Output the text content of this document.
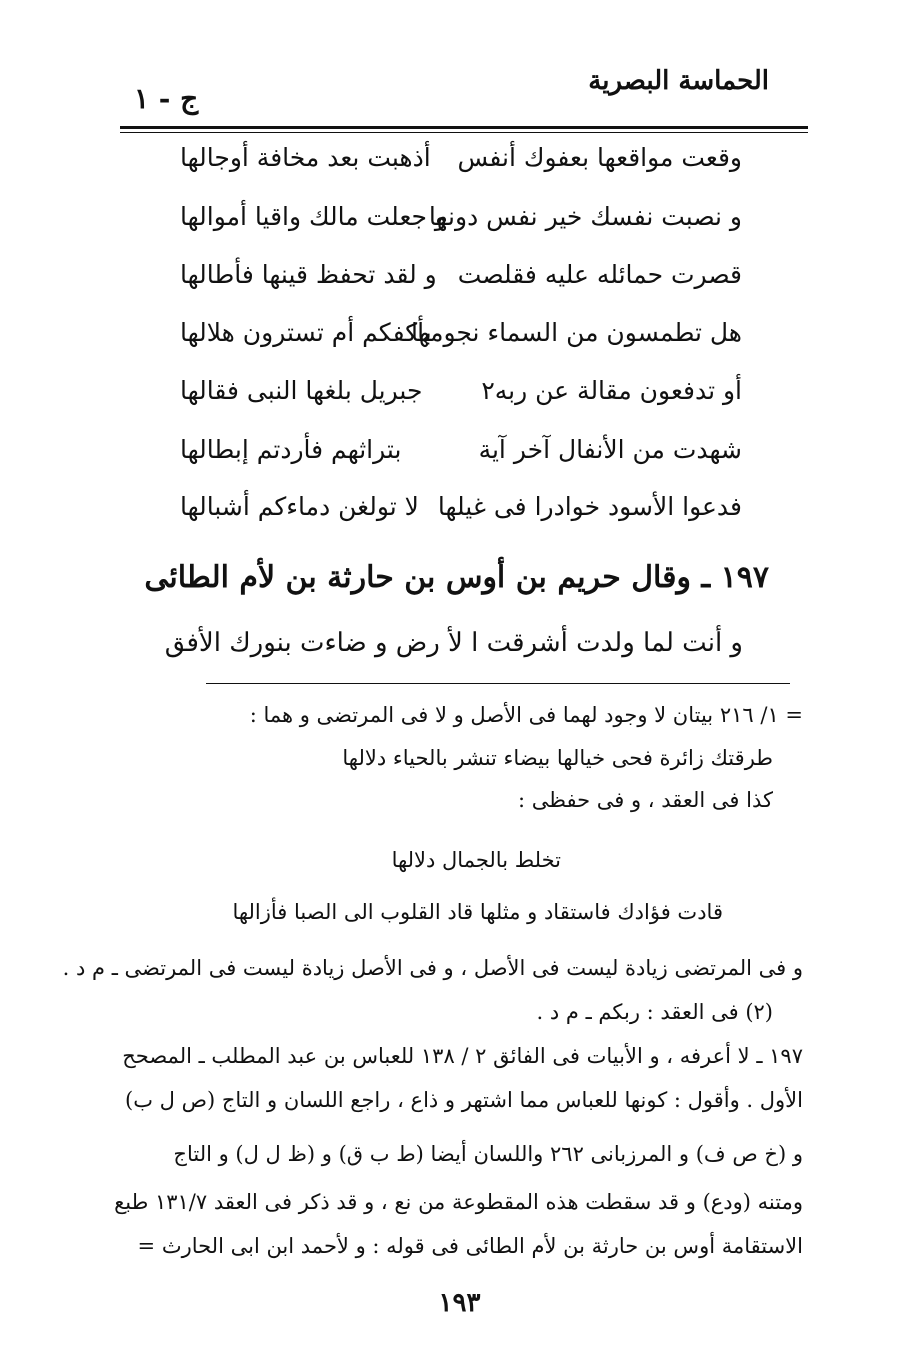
الحماسة البصرية
ج - ١
وقعت مواقعها بعفوك أنفس
أذهبت بعد مخافة أوجالها
و نصبت نفسك خير نفس دونها
و جعلت مالك واقيا أموالها
قصرت حمائله عليه فقلصت
و لقد تحفظ قينها فأطالها
هل تطمسون من السماء نجومها
بأكفكم أم تسترون هلالها
أو تدفعون مقالة عن ربه٢
جبريل بلغها النبى فقالها
شهدت من الأنفال آخر آية
بتراثهم فأردتم إبطالها
فدعوا الأسود خوادرا فى غيلها
لا تولغن دماءكم أشبالها
١٩٧ ـ وقال حريم بن أوس بن حارثة بن لأم الطائى
و أنت لما ولدت أشرقت ا لأ رض و ضاءت بنورك الأفق
= ١/ ٢١٦ بيتان لا وجود لهما فى الأصل و لا فى المرتضى و هما :
طرقتك زائرة فحى خيالها بيضاء تنشر بالحياء دلالها
كذا فى العقد ، و فى حفظى :
تخلط بالجمال دلالها
قادت فؤادك فاستقاد و مثلها قاد القلوب الى الصبا فأزالها
و فى المرتضى زيادة ليست فى الأصل ، و فى الأصل زيادة ليست فى المرتضى ـ م د .
(٢) فى العقد : ربكم ـ م د .
١٩٧ ـ لا أعرفه ، و الأبيات فى الفائق ٢ / ١٣٨ للعباس بن عبد المطلب ـ المصحح
الأول . وأقول : كونها للعباس مما اشتهر و ذاع ، راجع اللسان و التاج (ص ل ب)
و (خ ص ف) و المرزبانى ٢٦٢ واللسان أيضا (ط ب ق) و (ظ ل ل) و التاج
ومتنه (ودع) و قد سقطت هذه المقطوعة من نع ، و قد ذكر فى العقد ١٣١/٧ طبع
الاستقامة أوس بن حارثة بن لأم الطائى فى قوله : و لأحمد ابن ابى الحارث =
١٩٣
